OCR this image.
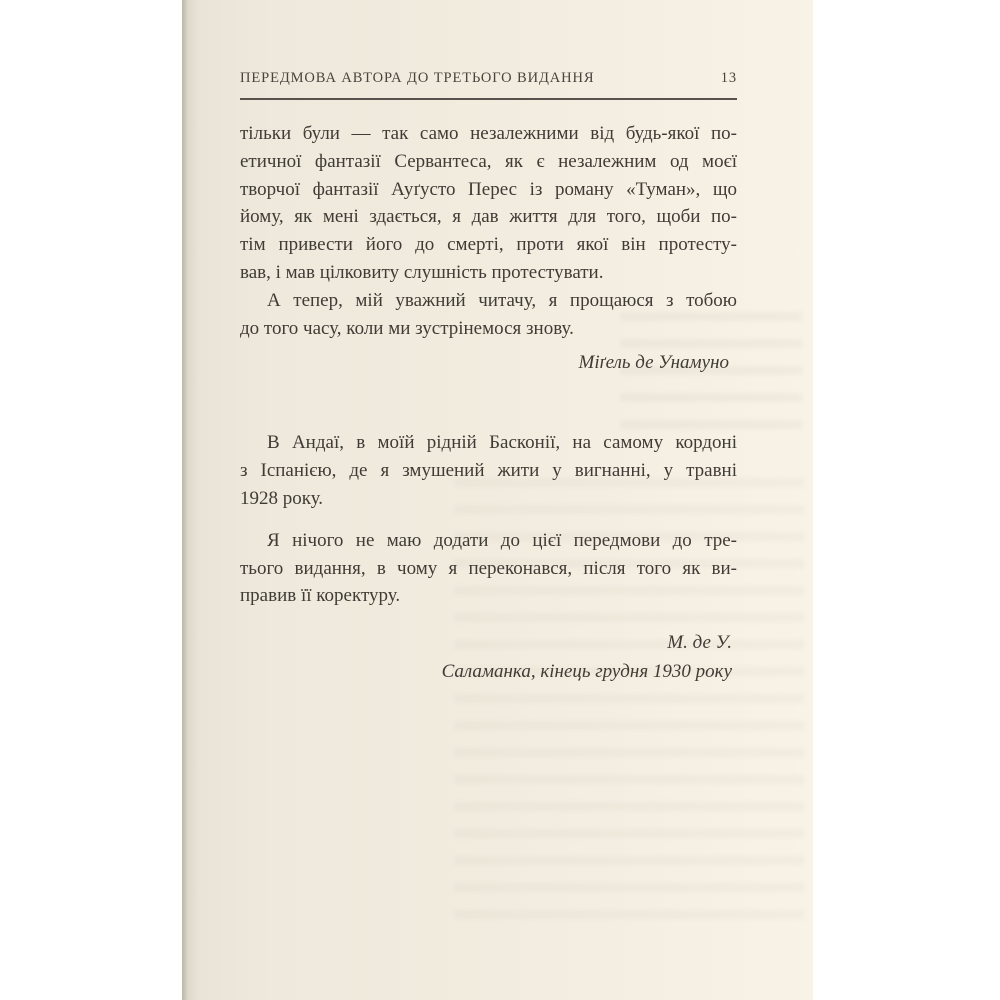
ПЕРЕДМОВА АВТОРА ДО ТРЕТЬОГО ВИДАННЯ	13
тільки були — так само незалежними від будь-якої по-
етичної фантазії Сервантеса, як є незалежним од моєї
творчої фантазії Ауґусто Перес із роману «Туман», що
йому, як мені здається, я дав життя для того, щоби по-
тім привести його до смерті, проти якої він протесту-
вав, і мав цілковиту слушність протестувати.
А тепер, мій уважний читачу, я прощаюся з тобою
до того часу, коли ми зустрінемося знову.
Міґель де Унамуно
В Андаї, в моїй рідній Басконії, на самому кордоні
з Іспанією, де я змушений жити у вигнанні, у травні
1928 року.
Я нічого не маю додати до цієї передмови до тре-
тього видання, в чому я переконався, після того як ви-
правив її коректуру.
М. де У.
Саламанка, кінець грудня 1930 року
